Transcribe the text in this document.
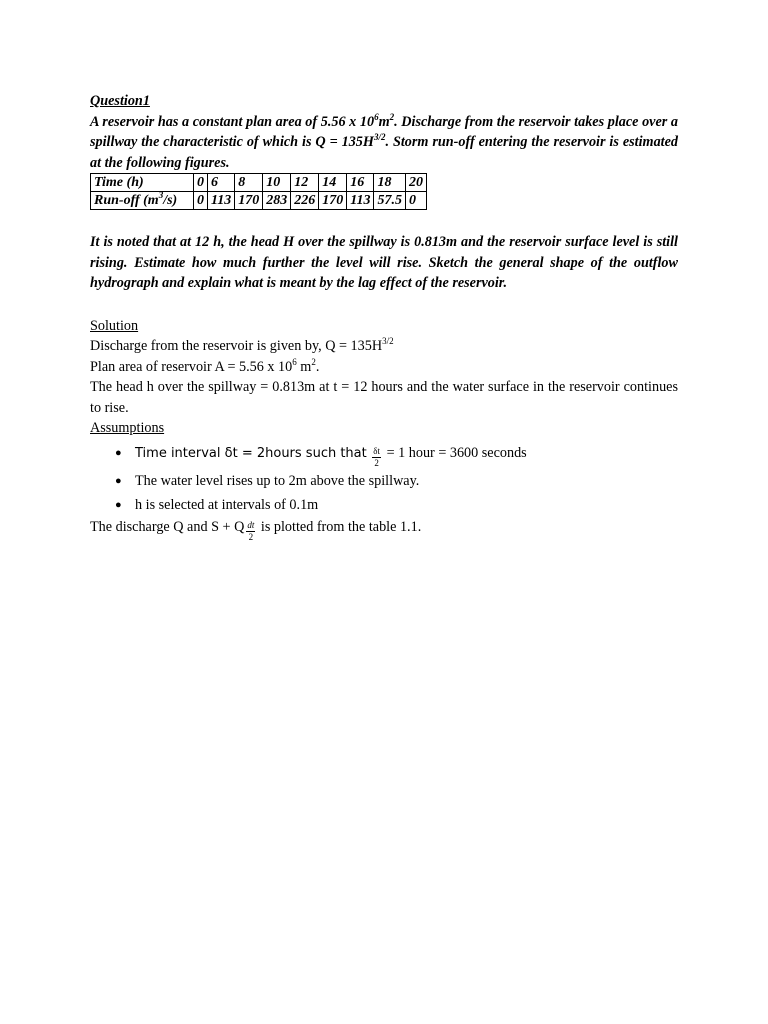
Question1

A reservoir has a constant plan area of 5.56 x $10^6m^2$. Discharge from the reservoir takes place over a spillway the characteristic of which is $Q = 135H^{3/2}$. Storm run-off entering the reservoir is estimated at the following figures.

Time (h)	0	6	8	10	12	14	16	18	20
Run-off $(m^3/s)$	0	113	170	283	226	170	113	57.5	0

It is noted that at 12 h, the head H over the spillway is 0.813m and the reservoir surface level is still rising. Estimate how much further the level will rise. Sketch the general shape of the outflow hydrograph and explain what is meant by the lag effect of the reservoir.

Solution

Discharge from the reservoir is given by, $Q = 135H^{3/2}$

Plan area of reservoir A = 5.56 x $10^6$ $m^2$.

The head h over the spillway = 0.813m at t = 12 hours and the water surface in the reservoir continues to rise.

Assumptions

● Time interval δt = 2hours such that $\frac{\delta t}{2} = 1$ hour = 3600 seconds
● The water level rises up to 2m above the spillway.
● h is selected at intervals of 0.1m

The discharge Q and S + Q $\frac{dt}{2}$ is plotted from the table 1.1.
